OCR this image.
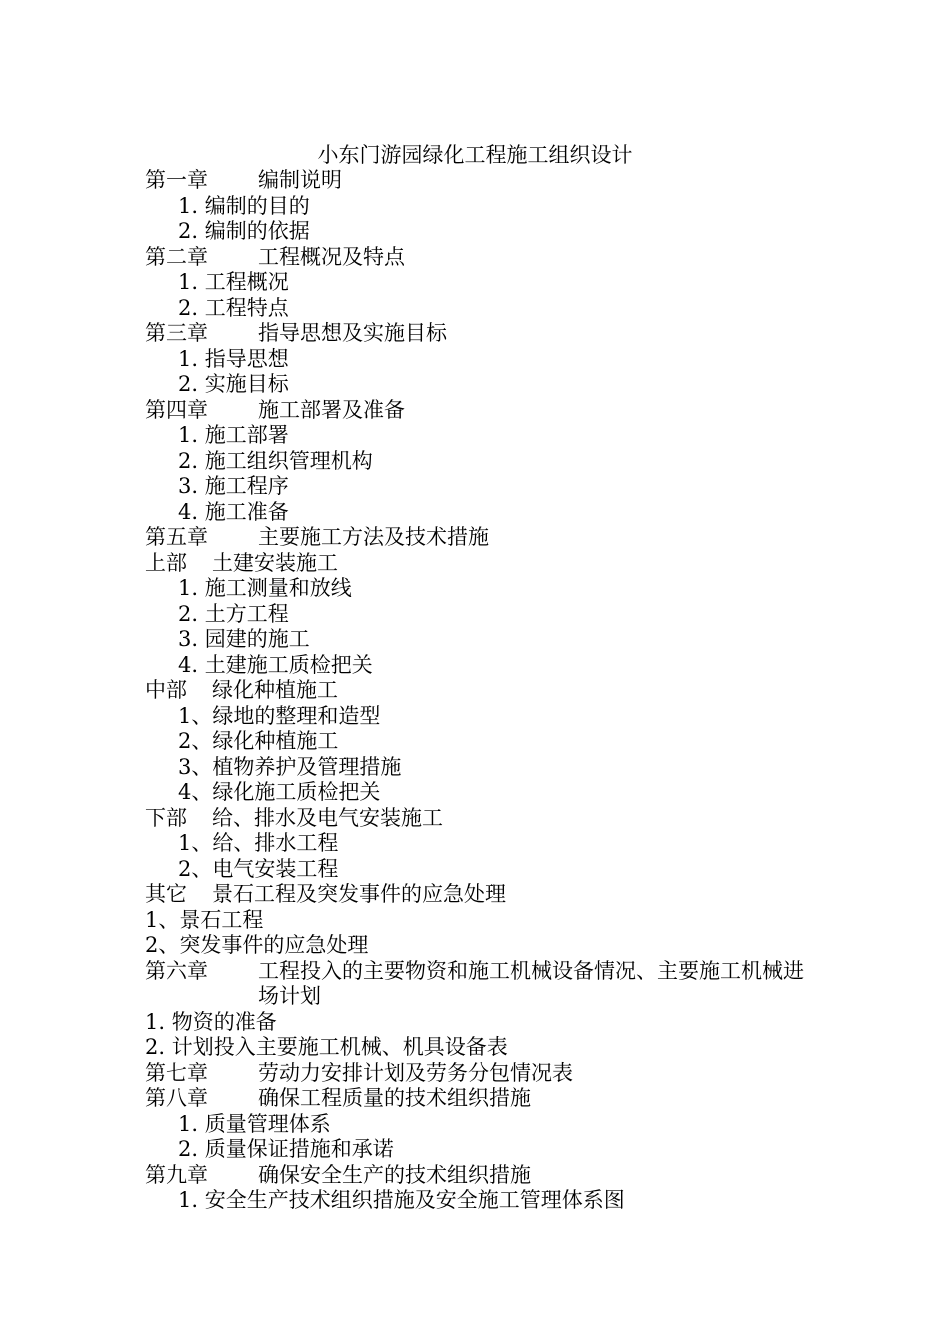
小东门游园绿化工程施工组织设计
第一章	编制说明
1. 编制的目的
2. 编制的依据
第二章	工程概况及特点
1. 工程概况
2. 工程特点
第三章	指导思想及实施目标
1. 指导思想
2. 实施目标
第四章	施工部署及准备
1. 施工部署
2. 施工组织管理机构
3. 施工程序
4. 施工准备
第五章	主要施工方法及技术措施
上部	土建安装施工
1. 施工测量和放线
2. 土方工程
3. 园建的施工
4. 土建施工质检把关
中部	绿化种植施工
1、绿地的整理和造型
2、绿化种植施工
3、植物养护及管理措施
4、绿化施工质检把关
下部	给、排水及电气安装施工
1、给、排水工程
2、电气安装工程
其它	景石工程及突发事件的应急处理
1、景石工程
2、突发事件的应急处理
第六章	工程投入的主要物资和施工机械设备情况、主要施工机械进场计划
1. 物资的准备
2. 计划投入主要施工机械、机具设备表
第七章	劳动力安排计划及劳务分包情况表
第八章	确保工程质量的技术组织措施
1. 质量管理体系
2. 质量保证措施和承诺
第九章	确保安全生产的技术组织措施
1. 安全生产技术组织措施及安全施工管理体系图
